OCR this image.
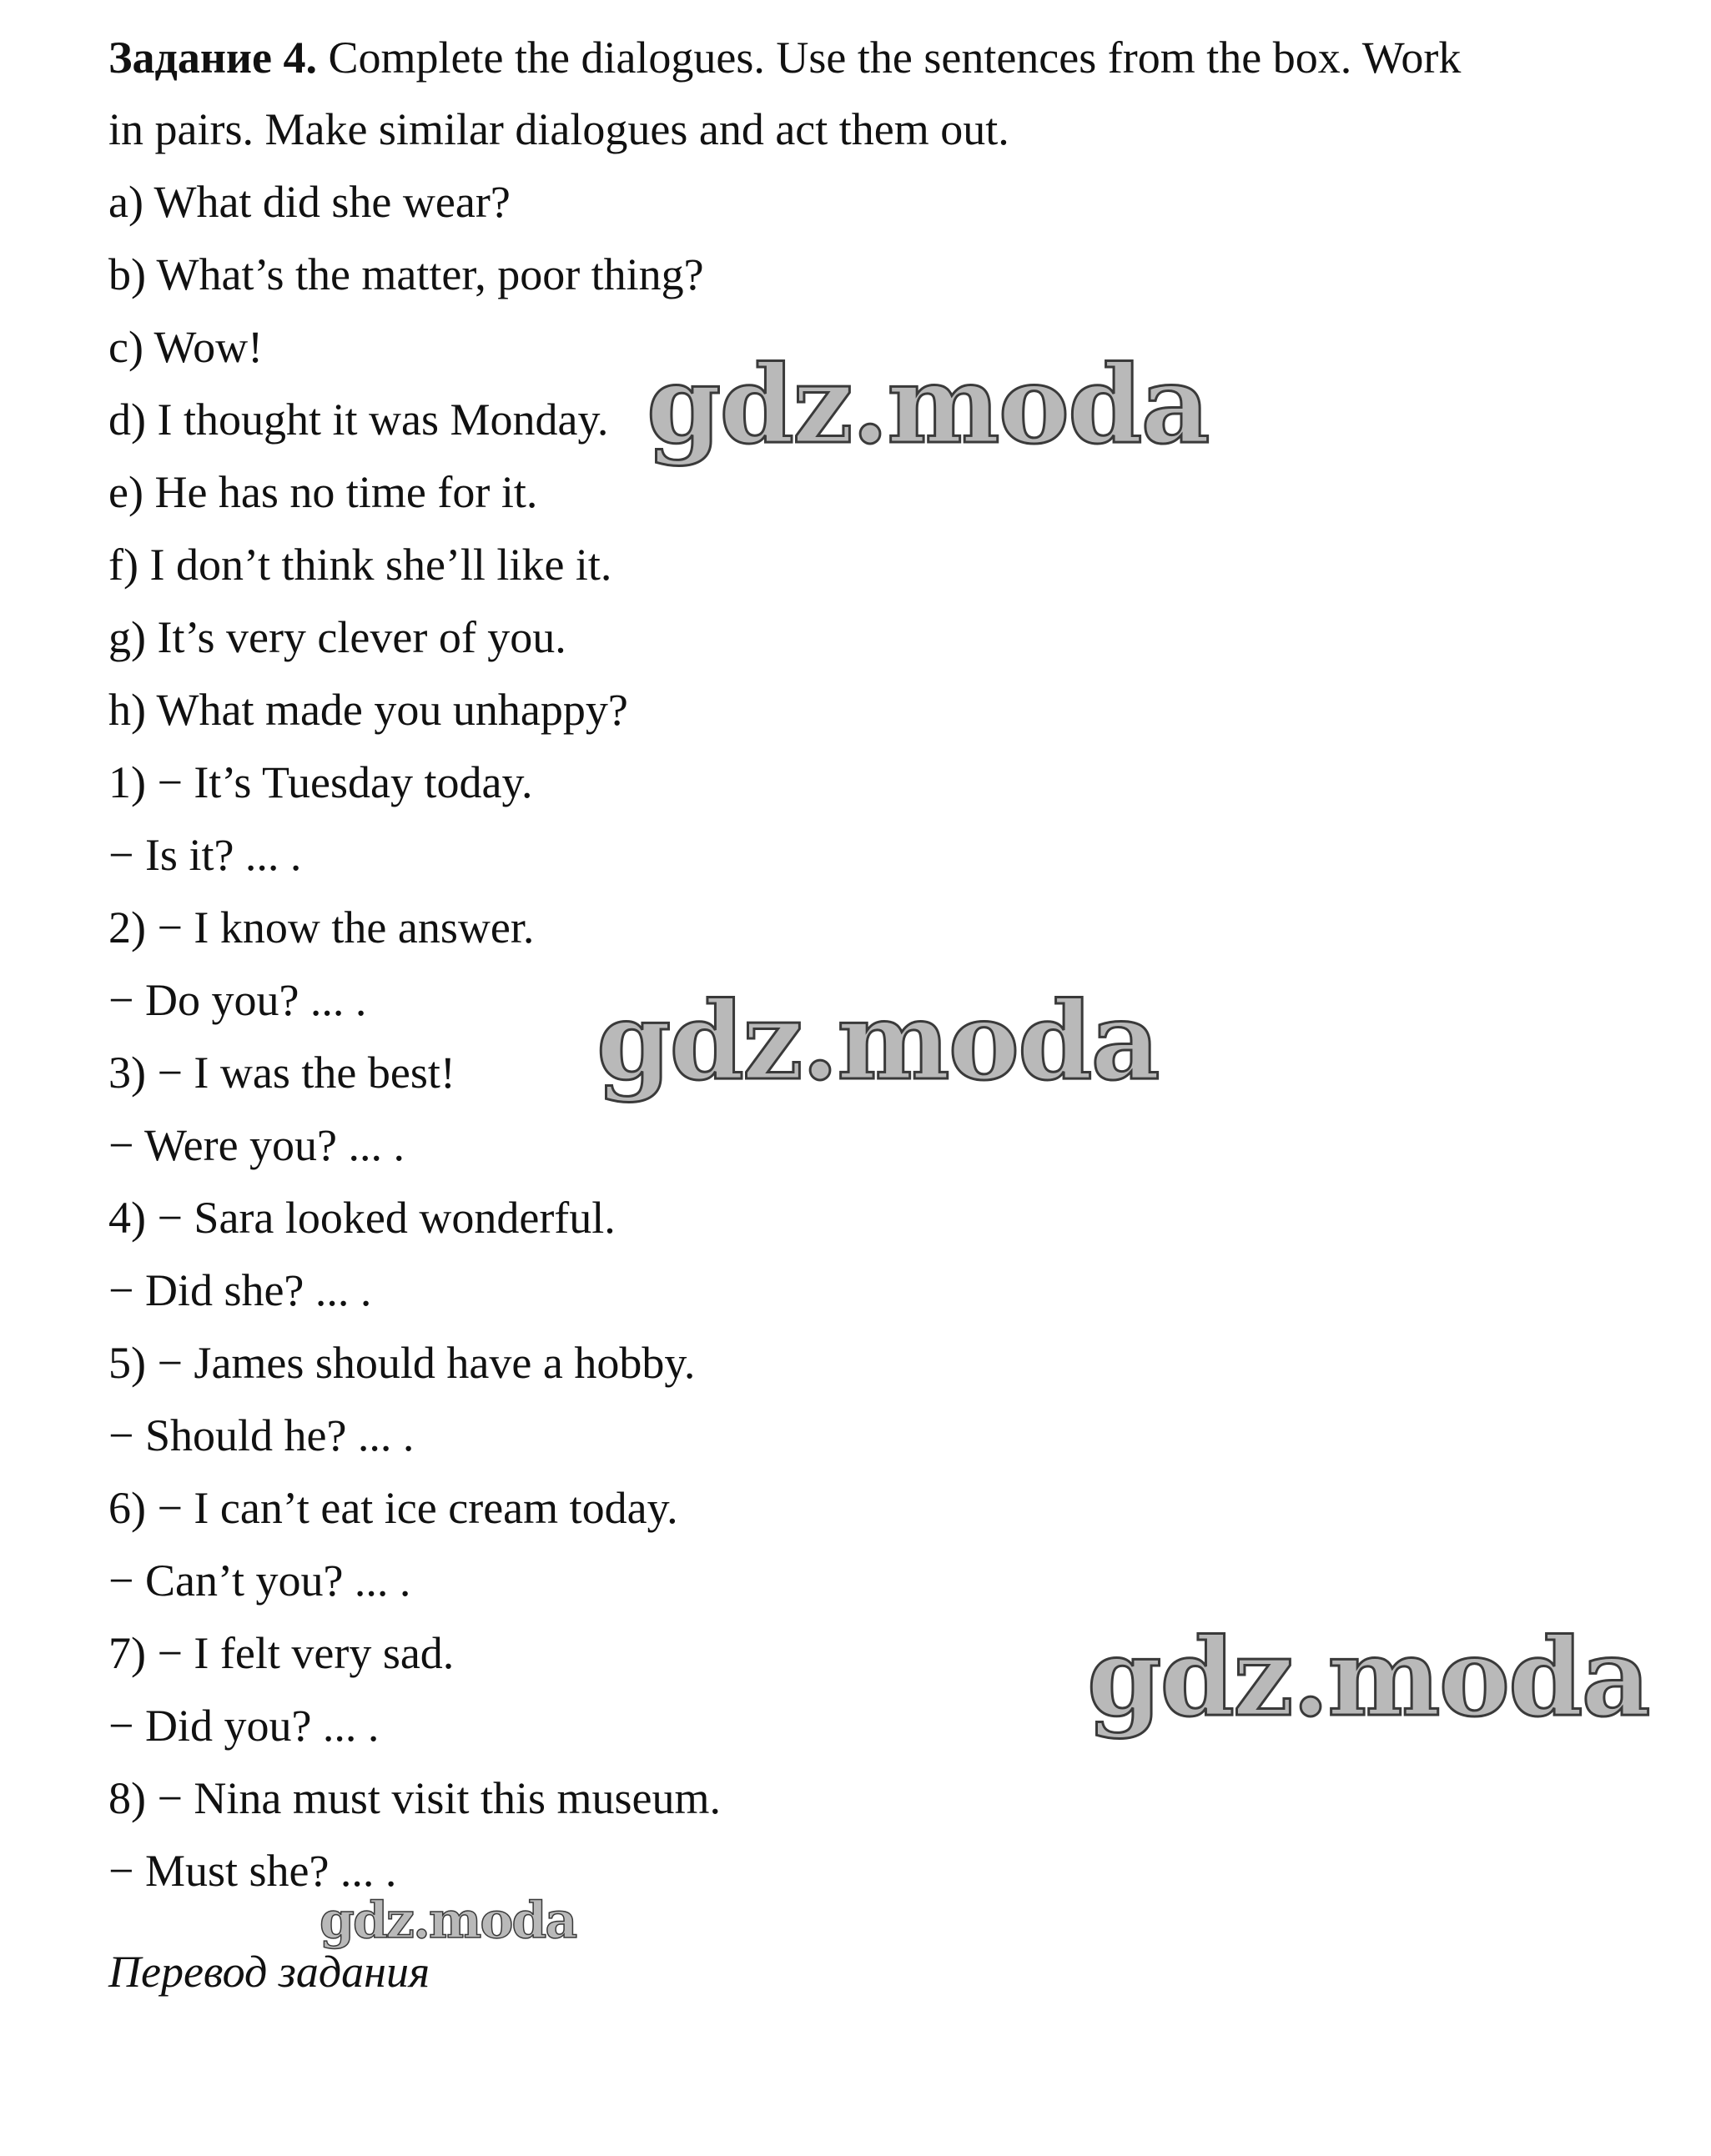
Задание 4. Complete the dialogues. Use the sentences from the box. Work
in pairs. Make similar dialogues and act them out.
a) What did she wear?
b) What’s the matter, poor thing?
c) Wow!
d) I thought it was Monday.
e) He has no time for it.
f) I don’t think she’ll like it.
g) It’s very clever of you.
h) What made you unhappy?
1) − It’s Tuesday today.
− Is it? ... .
2) − I know the answer.
− Do you? ... .
3) − I was the best!
− Were you? ... .
4) − Sara looked wonderful.
− Did she? ... .
5) − James should have a hobby.
− Should he? ... .
6) − I can’t eat ice cream today.
− Can’t you? ... .
7) − I felt very sad.
− Did you? ... .
8) − Nina must visit this museum.
− Must she? ... .
Перевод задания
gdz.moda
gdz.moda
gdz.moda
gdz.moda
